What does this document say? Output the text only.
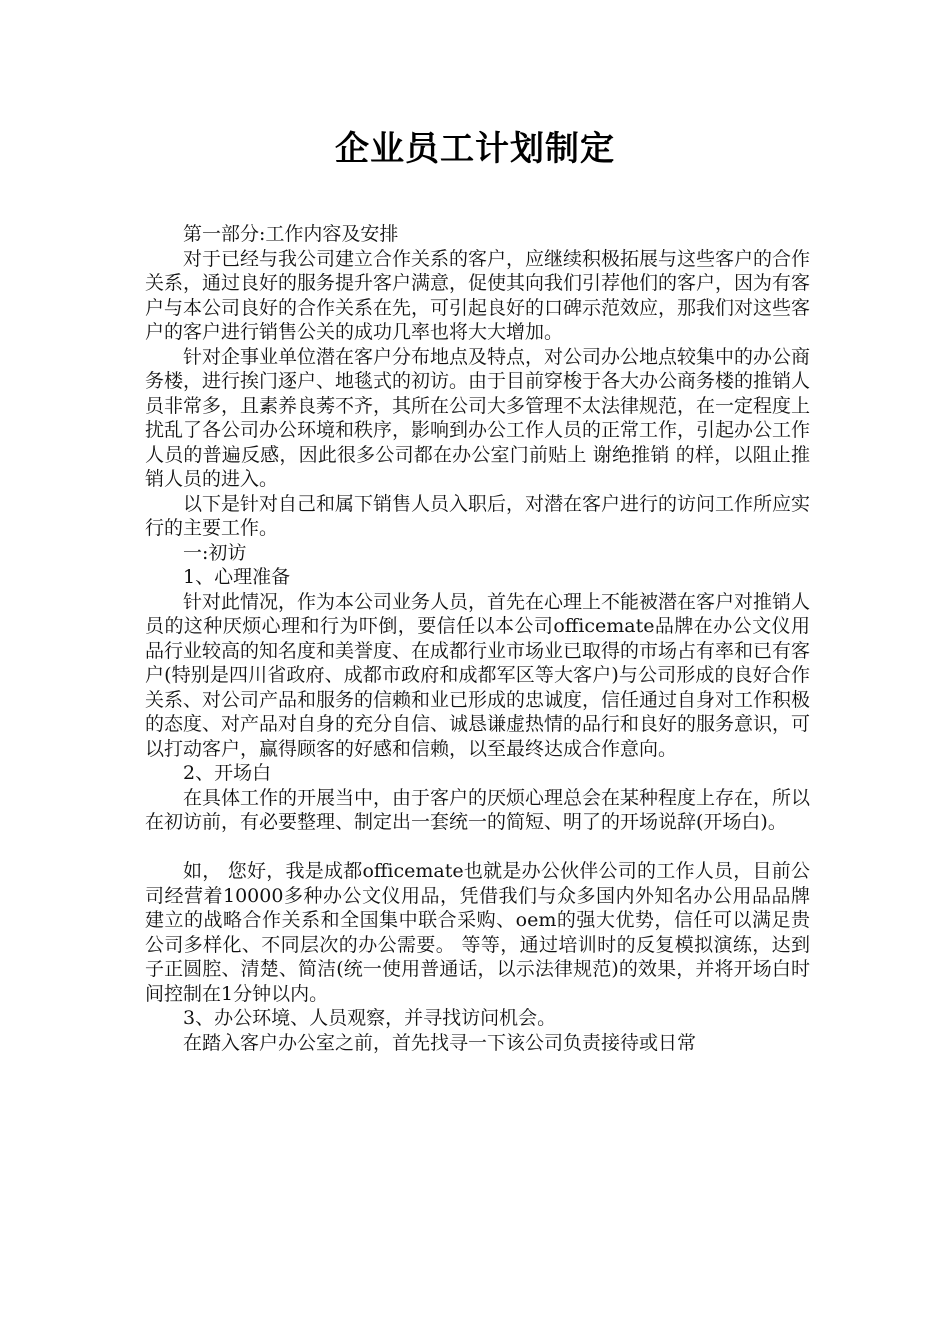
企业员工计划制定

第一部分:工作内容及安排

对于已经与我公司建立合作关系的客户，应继续积极拓展与这些客户的合作关系，通过良好的服务提升客户满意，促使其向我们引荐他们的客户，因为有客户与本公司良好的合作关系在先，可引起良好的口碑示范效应，那我们对这些客户的客户进行销售公关的成功几率也将大大增加。

针对企事业单位潜在客户分布地点及特点，对公司办公地点较集中的办公商务楼，进行挨门逐户、地毯式的初访。由于目前穿梭于各大办公商务楼的推销人员非常多，且素养良莠不齐，其所在公司大多管理不太法律规范，在一定程度上扰乱了各公司办公环境和秩序，影响到办公工作人员的正常工作，引起办公工作人员的普遍反感，因此很多公司都在办公室门前贴上 谢绝推销 的样，以阻止推销人员的进入。

以下是针对自己和属下销售人员入职后，对潜在客户进行的访问工作所应实行的主要工作。

一:初访

1、心理准备

针对此情况，作为本公司业务人员，首先在心理上不能被潜在客户对推销人员的这种厌烦心理和行为吓倒，要信任以本公司officemate品牌在办公文仪用品行业较高的知名度和美誉度、在成都行业市场业已取得的市场占有率和已有客户(特别是四川省政府、成都市政府和成都军区等大客户)与公司形成的良好合作关系、对公司产品和服务的信赖和业已形成的忠诚度，信任通过自身对工作积极的态度、对产品对自身的充分自信、诚恳谦虚热情的品行和良好的服务意识，可以打动客户，赢得顾客的好感和信赖，以至最终达成合作意向。

2、开场白

在具体工作的开展当中，由于客户的厌烦心理总会在某种程度上存在，所以在初访前，有必要整理、制定出一套统一的简短、明了的开场说辞(开场白)。

如， 您好，我是成都officemate也就是办公伙伴公司的工作人员，目前公司经营着10000多种办公文仪用品，凭借我们与众多国内外知名办公用品品牌建立的战略合作关系和全国集中联合采购、oem的强大优势，信任可以满足贵公司多样化、不同层次的办公需要。 等等，通过培训时的反复模拟演练，达到子正圆腔、清楚、简洁(统一使用普通话，以示法律规范)的效果，并将开场白时间控制在1分钟以内。

3、办公环境、人员观察，并寻找访问机会。

在踏入客户办公室之前，首先找寻一下该公司负责接待或日常
